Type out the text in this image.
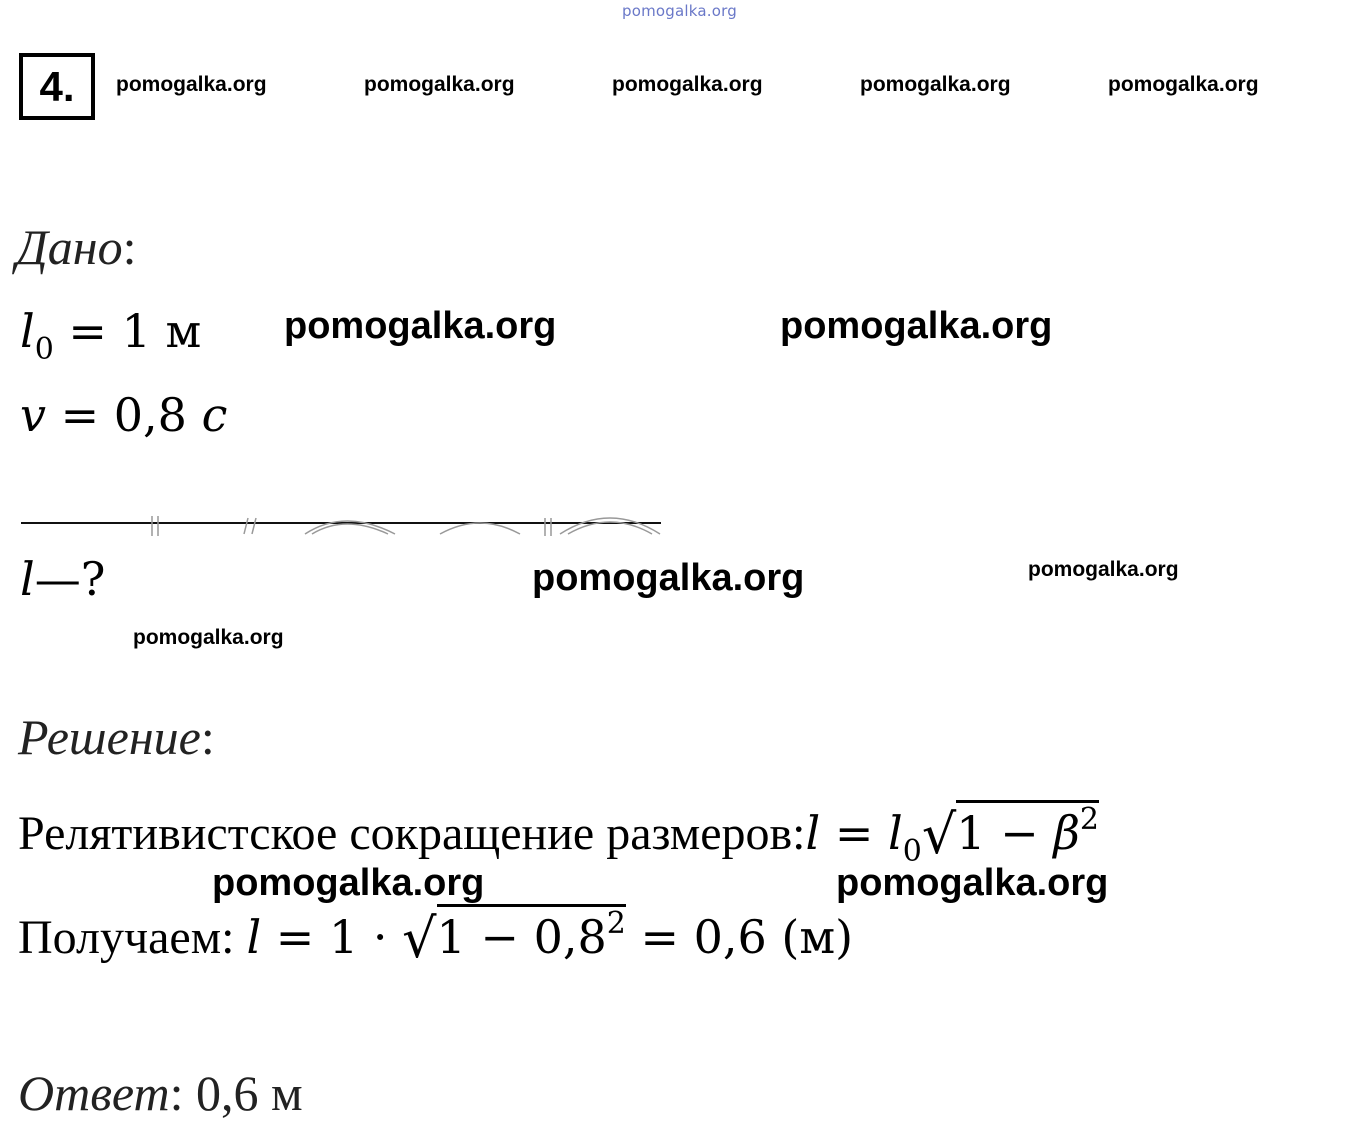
pomogalka.org
4.	pomogalka.org	pomogalka.org	pomogalka.org	pomogalka.org	pomogalka.org
Дано:
$l_0 = 1$ м pomogalka.org	pomogalka.org
v = 0,8 c
l—?	pomogalka.org	pomogalka.org
pomogalka.org
Решение:
Релятивистское сокращение размеров:l = $l_0√1 - \beta^2$
pomogalka.org	pomogalka.org
Получаем: $l = 1 \cdot √1 - 0,8^2 = 0,6$ (м)
Ответ: 0,6 м
